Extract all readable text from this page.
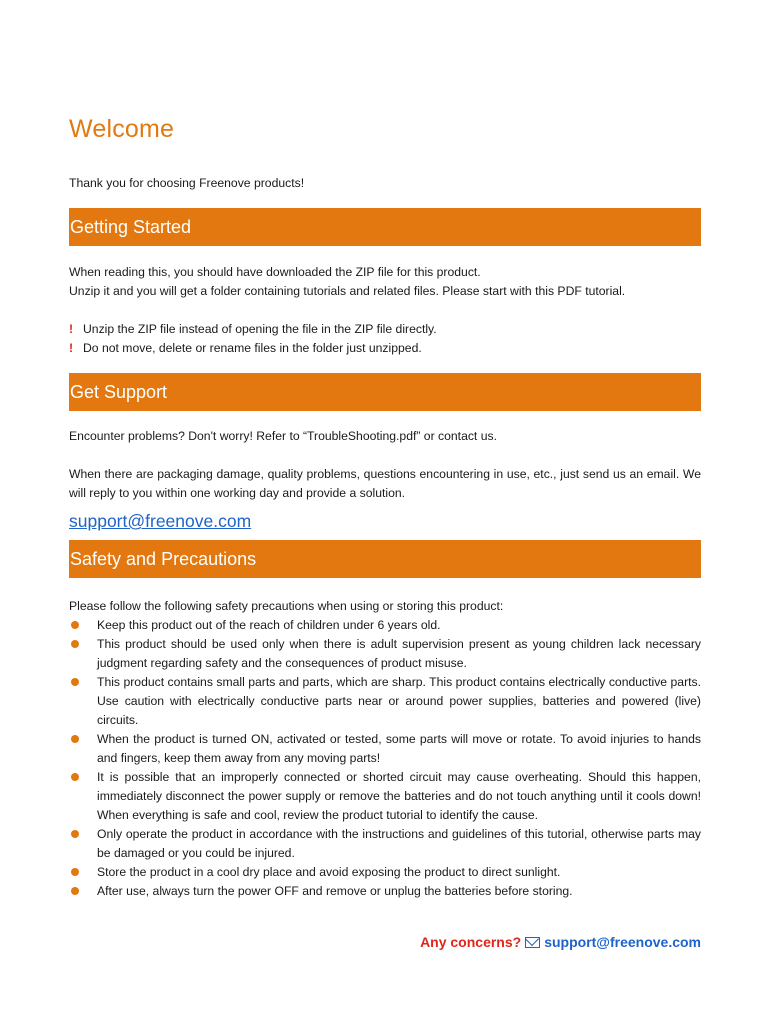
Welcome

Thank you for choosing Freenove products!

Getting Started

When reading this, you should have downloaded the ZIP file for this product.

Unzip it and you will get a folder containing tutorials and related files. Please start with this PDF tutorial.

! Unzip the ZIP file instead of opening the file in the ZIP file directly.
! Do not move, delete or rename files in the folder just unzipped.
Get Support

Encounter problems? Don't worry! Refer to “TroubleShooting.pdf” or contact us.

When there are packaging damage, quality problems, questions encountering in use, etc., just send us an email. We will reply to you within one working day and provide a solution.

support@freenove.com
Safety and Precautions
Please follow the following safety precautions when using or storing this product:
Keep this product out of the reach of children under 6 years old.
This product should be used only when there is adult supervision present as young children lack necessary judgment regarding safety and the consequences of product misuse.
This product contains small parts and parts, which are sharp. This product contains electrically conductive parts. Use caution with electrically conductive parts near or around power supplies, batteries and powered (live) circuits.
When the product is turned ON, activated or tested, some parts will move or rotate. To avoid injuries to hands and fingers, keep them away from any moving parts!
It is possible that an improperly connected or shorted circuit may cause overheating. Should this happen, immediately disconnect the power supply or remove the batteries and do not touch anything until it cools down! When everything is safe and cool, review the product tutorial to identify the cause.
Only operate the product in accordance with the instructions and guidelines of this tutorial, otherwise parts may be damaged or you could be injured.
Store the product in a cool dry place and avoid exposing the product to direct sunlight.
After use, always turn the power OFF and remove or unplug the batteries before storing.
Any concerns? support@freenove.com
